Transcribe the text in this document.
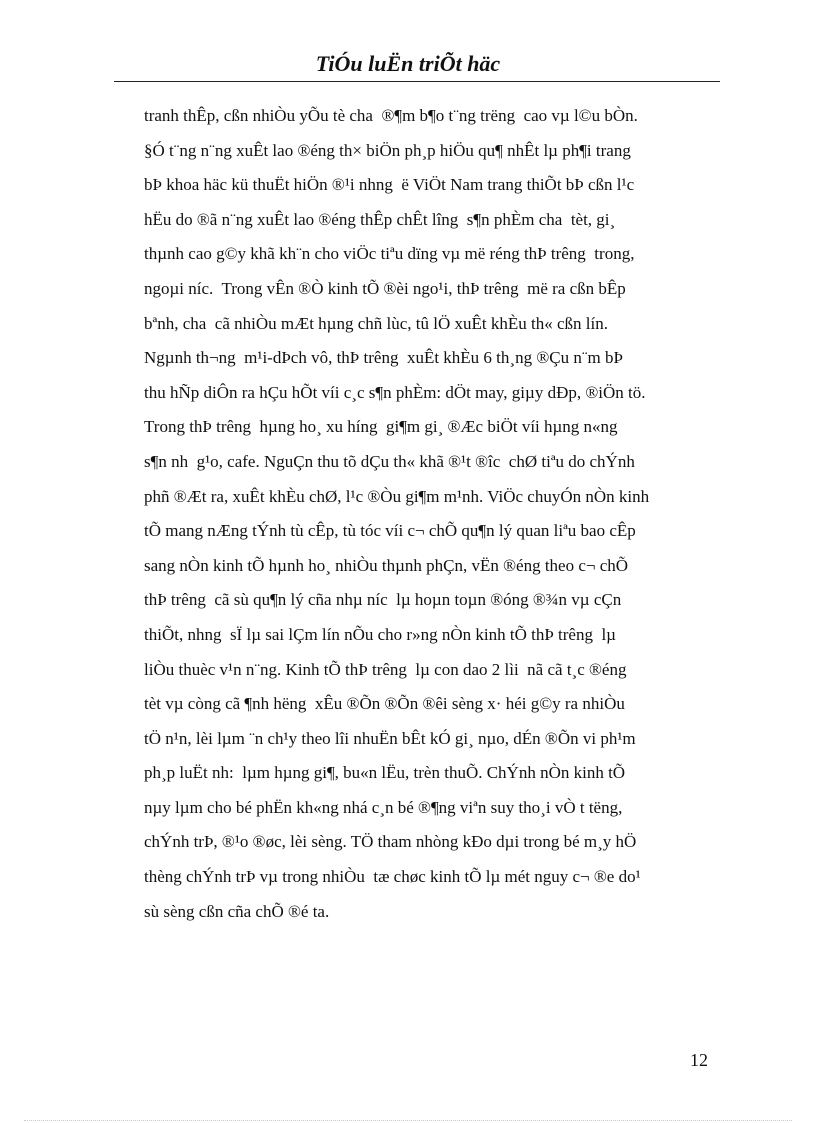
TiÓu luËn triÕt häc
tranh thÊp, cßn nhiÒu yÕu tè cha  ®¶m b¶o t¨ng trëng  cao vµ l©u bÒn.
§Ó t¨ng n¨ng xuÊt lao ®éng th× biÖn ph¸p hiÖu qu¶ nhÊt lµ ph¶i trang
bÞ khoa häc kü thuËt hiÖn ®¹i nhng  ë ViÖt Nam trang thiÕt bÞ cßn l¹c
hËu do ®ã n¨ng xuÊt lao ®éng thÊp chÊt lîng  s¶n phÈm cha  tèt, gi¸
thµnh cao g©y khã kh¨n cho viÖc tiªu dïng vµ më réng thÞ trêng  trong,
ngoµi níc.  Trong vÊn ®Ò kinh tÕ ®èi ngo¹i, thÞ trêng  më ra cßn bÊp
bªnh, cha  cã nhiÒu mÆt hµng chñ lùc, tû lÖ xuÊt khÈu th« cßn lín.
Ngµnh th¬ng  m¹i-dÞch vô, thÞ trêng  xuÊt khÈu 6 th¸ng ®Çu n¨m bÞ
thu hÑp diÔn ra hÇu hÕt víi c¸c s¶n phÈm: dÖt may, giµy dÐp, ®iÖn tö.
Trong thÞ trêng  hµng ho¸ xu híng  gi¶m gi¸ ®Æc biÖt víi hµng n«ng
s¶n nh  g¹o, cafe. NguÇn thu tõ dÇu th« khã ®¹t ®îc  chØ tiªu do chÝnh
phñ ®Æt ra, xuÊt khÈu chØ, l¹c ®Òu gi¶m m¹nh. ViÖc chuyÓn nÒn kinh
tÕ mang nÆng tÝnh tù cÊp, tù tóc víi c¬ chÕ qu¶n lý quan liªu bao cÊp
sang nÒn kinh tÕ hµnh ho¸ nhiÒu thµnh phÇn, vËn ®éng theo c¬ chÕ
thÞ trêng  cã sù qu¶n lý cña nhµ níc  lµ hoµn toµn ®óng ®¾n vµ cÇn
thiÕt, nhng  sÏ lµ sai lÇm lín nÕu cho r»ng nÒn kinh tÕ thÞ trêng  lµ
liÒu thuèc v¹n n¨ng. Kinh tÕ thÞ trêng  lµ con dao 2 lìi  nã cã t¸c ®éng
tèt vµ còng cã ¶nh hëng  xÊu ®Õn ®Õn ®êi sèng x· héi g©y ra nhiÒu
tÖ n¹n, lèi lµm ¨n ch¹y theo lîi nhuËn bÊt kÓ gi¸ nµo, dÉn ®Õn vi ph¹m
ph¸p luËt nh:  lµm hµng gi¶, bu«n lËu, trèn thuÕ. ChÝnh nÒn kinh tÕ
nµy lµm cho bé phËn kh«ng nhá c¸n bé ®¶ng viªn suy tho¸i vÒ t tëng,
chÝnh trÞ, ®¹o ®øc, lèi sèng. TÖ tham nhòng kÐo dµi trong bé m¸y hÖ
thèng chÝnh trÞ vµ trong nhiÒu  tæ chøc kinh tÕ lµ mét nguy c¬ ®e do¹
sù sèng cßn cña chÕ ®é ta.
12
